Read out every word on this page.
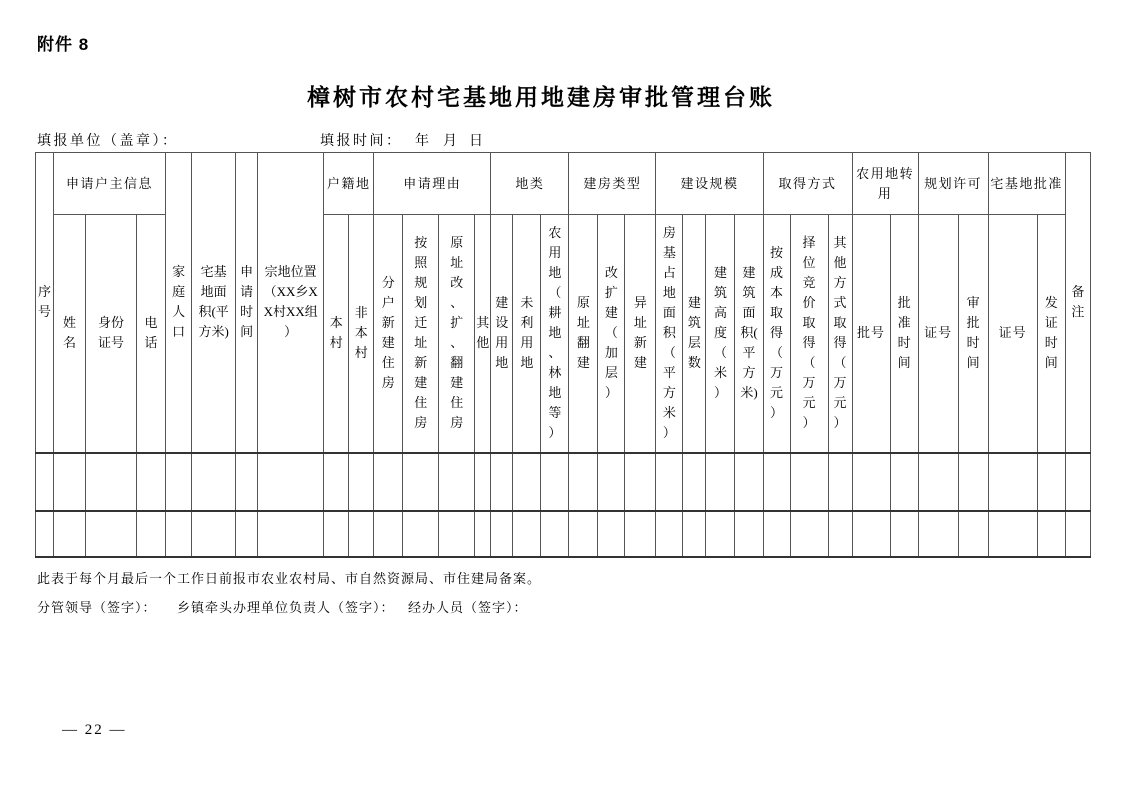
附件 8
樟树市农村宅基地用地建房审批管理台账
填报单位（盖章）：	填报时间： 年 月 日
序号	申请户主信息			家庭人口	宅基地面积(平方米)	申请时间	宗地位置（XX乡XX村XX组）	户籍地		申请理由				地类			建房类型			建设规模				取得方式			农用地转用		规划许可		宅基地批准		备注
	姓名	身份证号	电话					本村	非本村	分户新建住房	按照规划迁址新建住房	原址改、扩、翻建住房	其他	建设用地	未利用地	农用地（耕地、林地等）	原址翻建	改扩建（加层）	异址新建	房基占地面积（平方米）	建筑层数	建筑高度（米）	建筑面积(平方米)	按成本取得（万元）	择位竞价取得（万元）	其他方式取得（万元）	批号	批准时间	证号	审批时间	证号	发证时间	

此表于每个月最后一个工作日前报市农业农村局、市自然资源局、市住建局备案。
分管领导（签字）： 乡镇牵头办理单位负责人（签字）： 经办人员（签字）：
— 22 —
